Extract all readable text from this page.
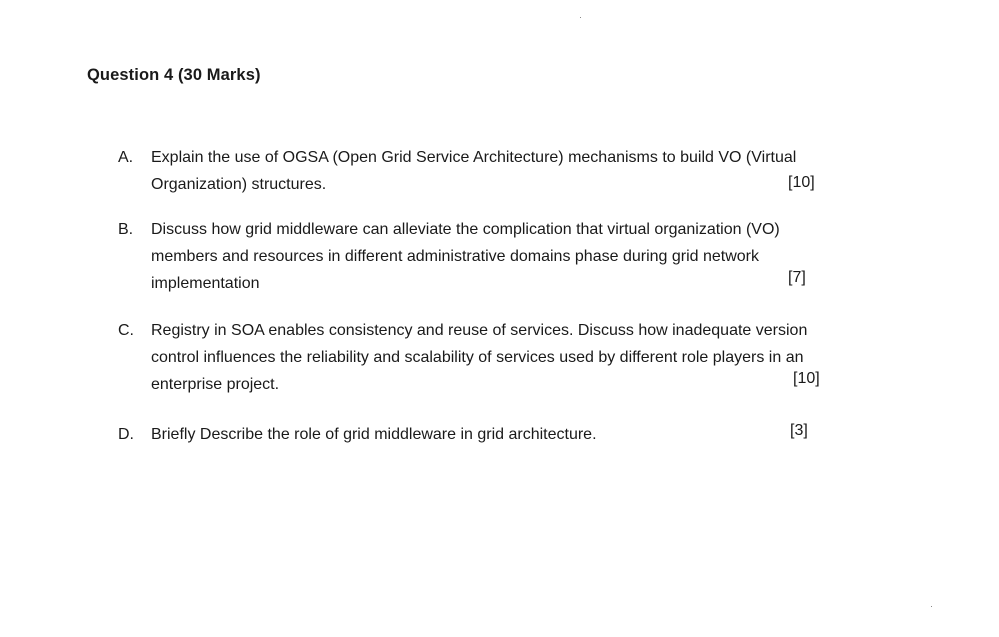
Question 4 (30 Marks)
A.	Explain the use of OGSA (Open Grid Service Architecture) mechanisms to build VO (Virtual
Organization) structures.	[10]
B.	Discuss how grid middleware can alleviate the complication that virtual organization (VO)
members and resources in different administrative domains phase during grid network
implementation	[7]
C.	Registry in SOA enables consistency and reuse of services. Discuss how inadequate version
control influences the reliability and scalability of services used by different role players in an
enterprise project.	[10]
D.	Briefly Describe the role of grid middleware in grid architecture.	[3]
